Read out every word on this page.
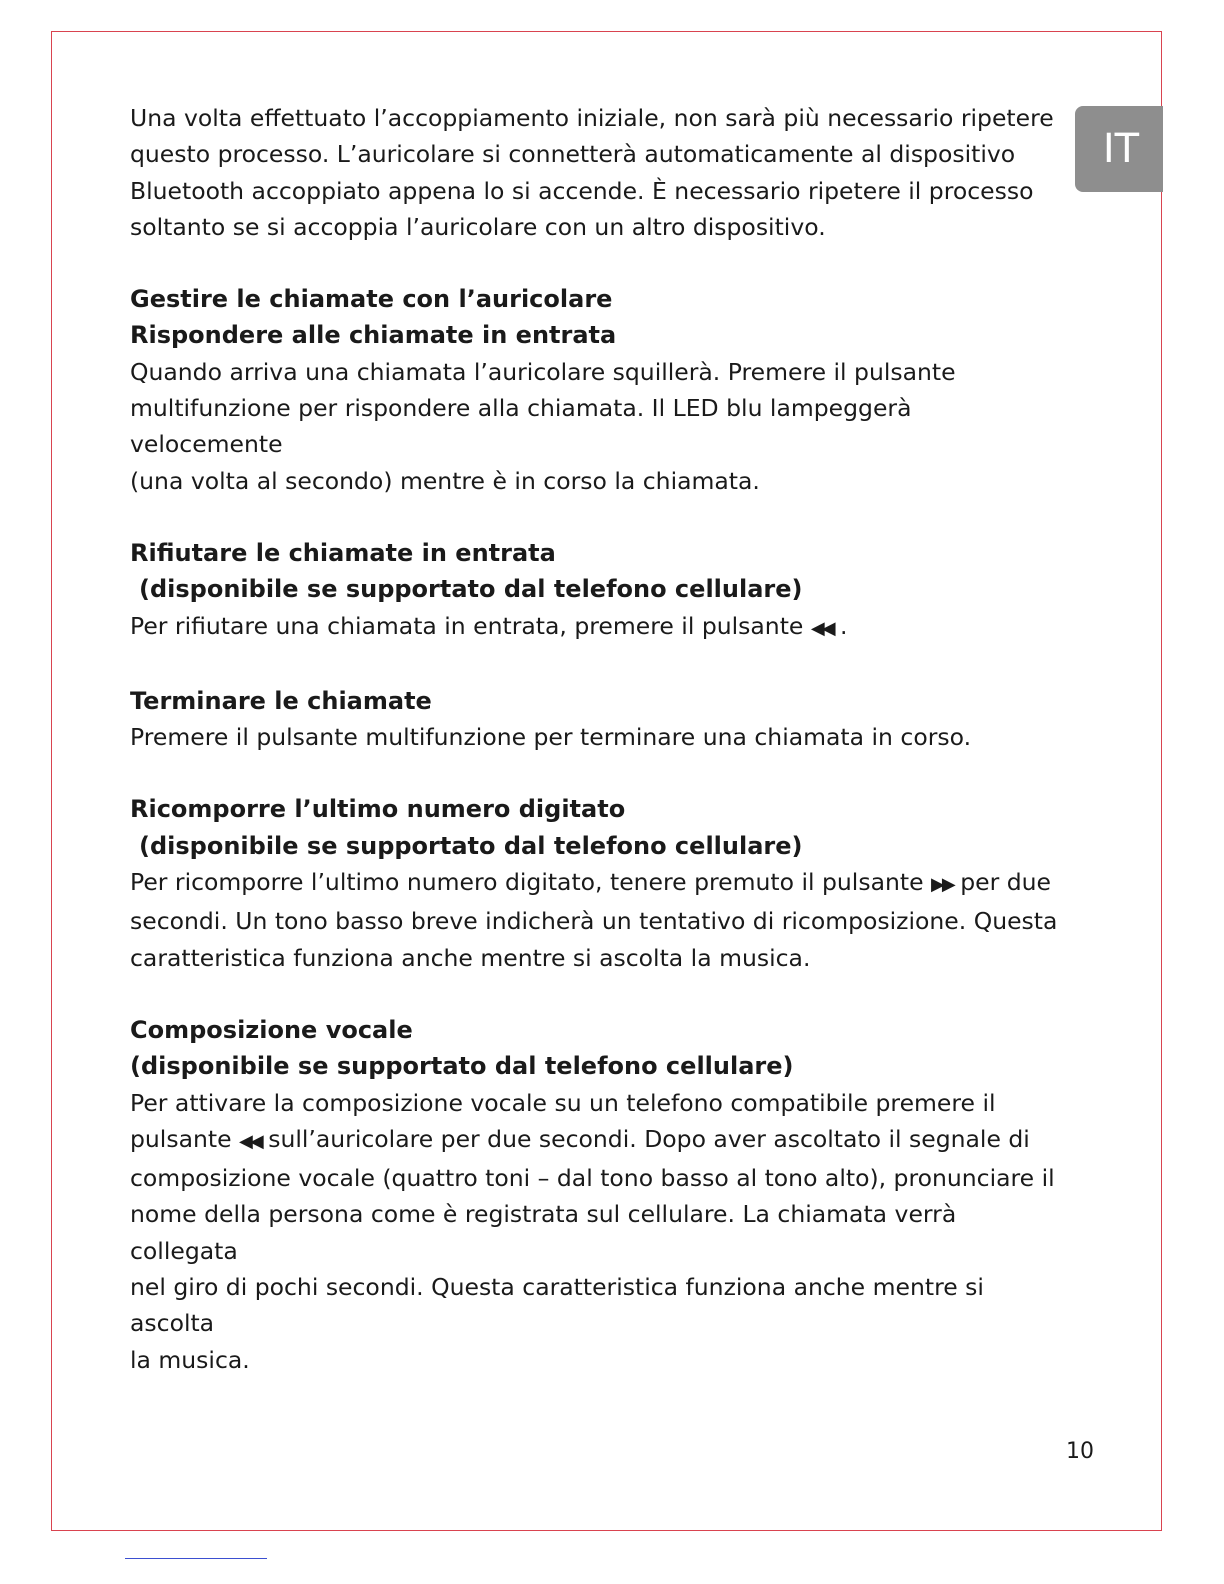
IT

Una volta effettuato l’accoppiamento iniziale, non sarà più necessario ripetere

questo processo. L’auricolare si connetterà automaticamente al dispositivo

Bluetooth accoppiato appena lo si accende. È necessario ripetere il processo

soltanto se si accoppia l’auricolare con un altro dispositivo.

Gestire le chiamate con l’auricolare

Rispondere alle chiamate in entrata

Quando arriva una chiamata l’auricolare squillerà. Premere il pulsante

multifunzione per rispondere alla chiamata. Il LED blu lampeggerà velocemente

(una volta al secondo) mentre è in corso la chiamata.

Rifiutare le chiamate in entrata

(disponibile se supportato dal telefono cellulare)

Per rifiutare una chiamata in entrata, premere il pulsante ◀◀ .

Terminare le chiamate

Premere il pulsante multifunzione per terminare una chiamata in corso.

Ricomporre l’ultimo numero digitato

(disponibile se supportato dal telefono cellulare)

Per ricomporre l’ultimo numero digitato, tenere premuto il pulsante ▶▶ per due

secondi. Un tono basso breve indicherà un tentativo di ricomposizione. Questa

caratteristica funziona anche mentre si ascolta la musica.

Composizione vocale

(disponibile se supportato dal telefono cellulare)

Per attivare la composizione vocale su un telefono compatibile premere il

pulsante ◀◀ sull’auricolare per due secondi. Dopo aver ascoltato il segnale di

composizione vocale (quattro toni – dal tono basso al tono alto), pronunciare il

nome della persona come è registrata sul cellulare. La chiamata verrà collegata

nel giro di pochi secondi. Questa caratteristica funziona anche mentre si ascolta

la musica.

10
